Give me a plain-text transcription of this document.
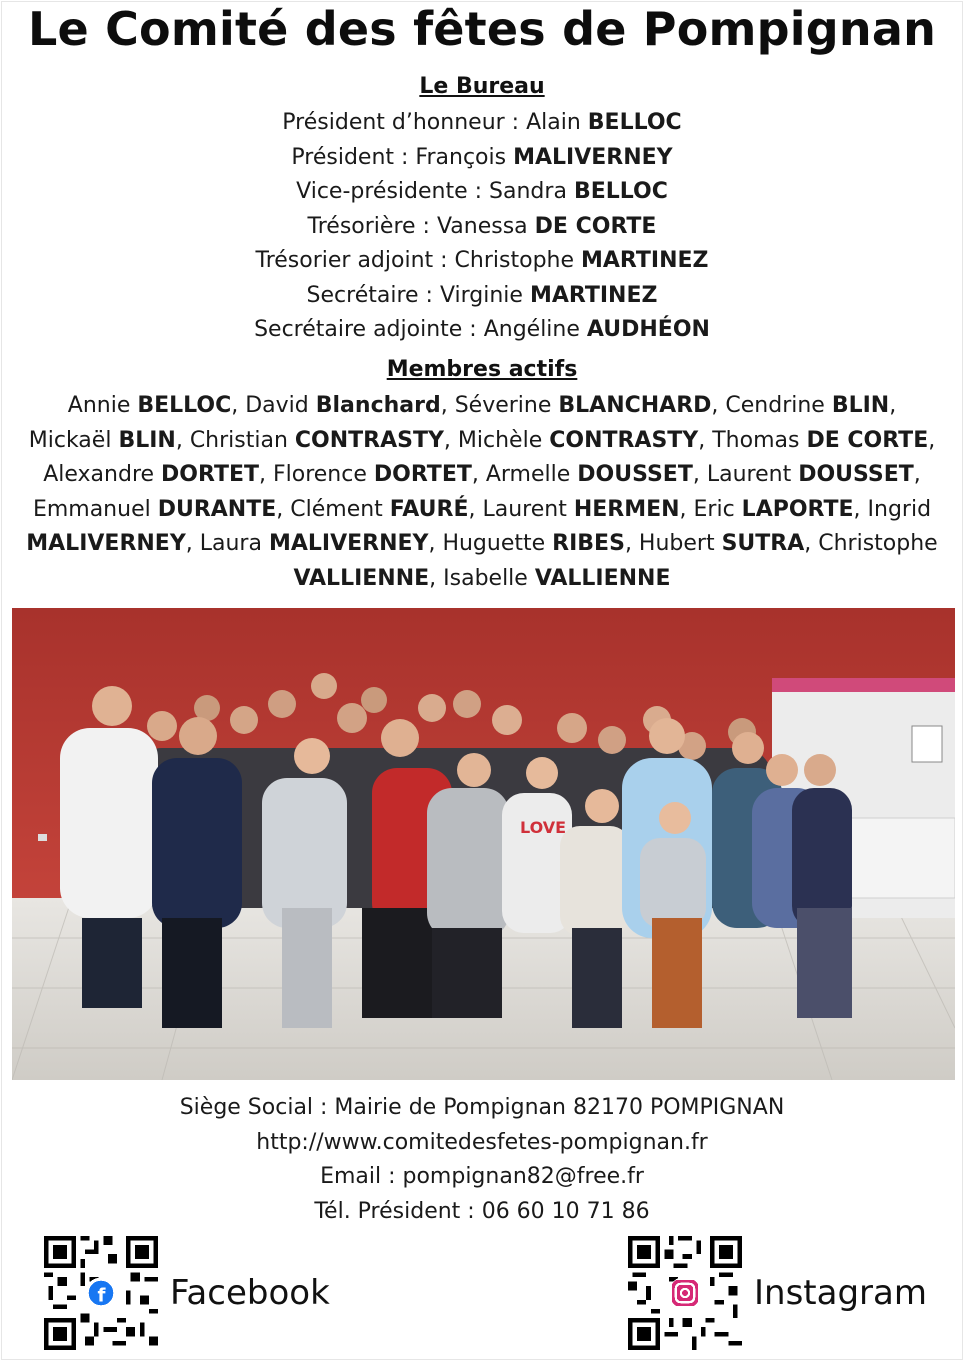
Le Comité des fêtes de Pompignan
Le Bureau
Président d’honneur : Alain BELLOC
Président : François MALIVERNEY
Vice-présidente : Sandra BELLOC
Trésorière : Vanessa DE CORTE
Trésorier adjoint : Christophe MARTINEZ
Secrétaire : Virginie MARTINEZ
Secrétaire adjointe : Angéline AUDHÉON
Membres actifs
Annie BELLOC, David Blanchard, Séverine BLANCHARD, Cendrine BLIN,
Mickaël BLIN, Christian CONTRASTY, Michèle CONTRASTY, Thomas DE CORTE,
Alexandre DORTET, Florence DORTET, Armelle DOUSSET, Laurent DOUSSET,
Emmanuel DURANTE, Clément FAURÉ, Laurent HERMEN, Eric LAPORTE, Ingrid
MALIVERNEY, Laura MALIVERNEY, Huguette RIBES, Hubert SUTRA, Christophe
VALLIENNE, Isabelle VALLIENNE
LOVE
Siège Social : Mairie de Pompignan 82170 POMPIGNAN
http://www.comitedesfetes-pompignan.fr
Email : pompignan82@free.fr
Tél. Président : 06 60 10 71 86
f Facebook	Instagram
